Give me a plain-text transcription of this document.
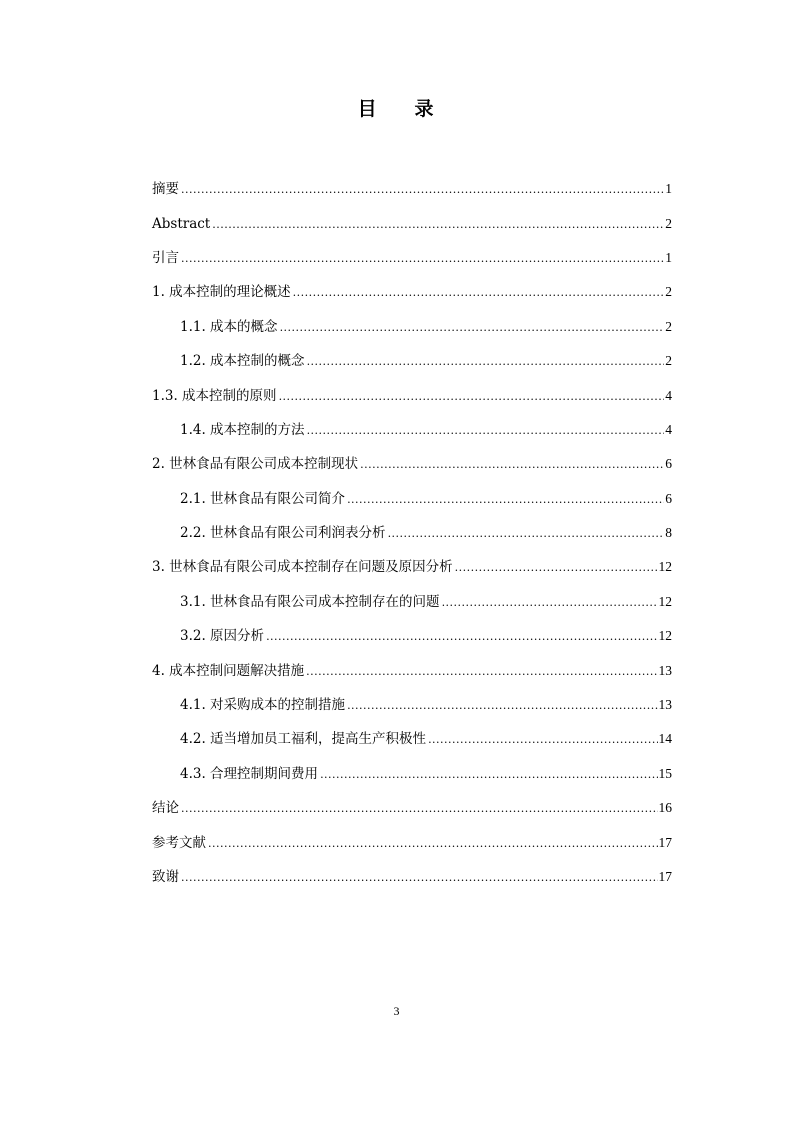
目 录
摘要 .....	1
Abstract .....	2
引言 .....	1
1. 成本控制的理论概述 .....	2
1.1. 成本的概念 .....	2
1.2. 成本控制的概念 .....	2
1.3. 成本控制的原则 .....	4
1.4. 成本控制的方法 .....	4
2. 世林食品有限公司成本控制现状 .....	6
2.1. 世林食品有限公司简介 .....	6
2.2. 世林食品有限公司利润表分析 .....	8
3. 世林食品有限公司成本控制存在问题及原因分析 .....	12
3.1. 世林食品有限公司成本控制存在的问题 .....	12
3.2. 原因分析 .....	12
4. 成本控制问题解决措施 .....	13
4.1. 对采购成本的控制措施 .....	13
4.2. 适当增加员工福利，提高生产积极性 .....	14
4.3. 合理控制期间费用 .....	15
结论 .....	16
参考文献 .....	17
致谢 .....	17
3
